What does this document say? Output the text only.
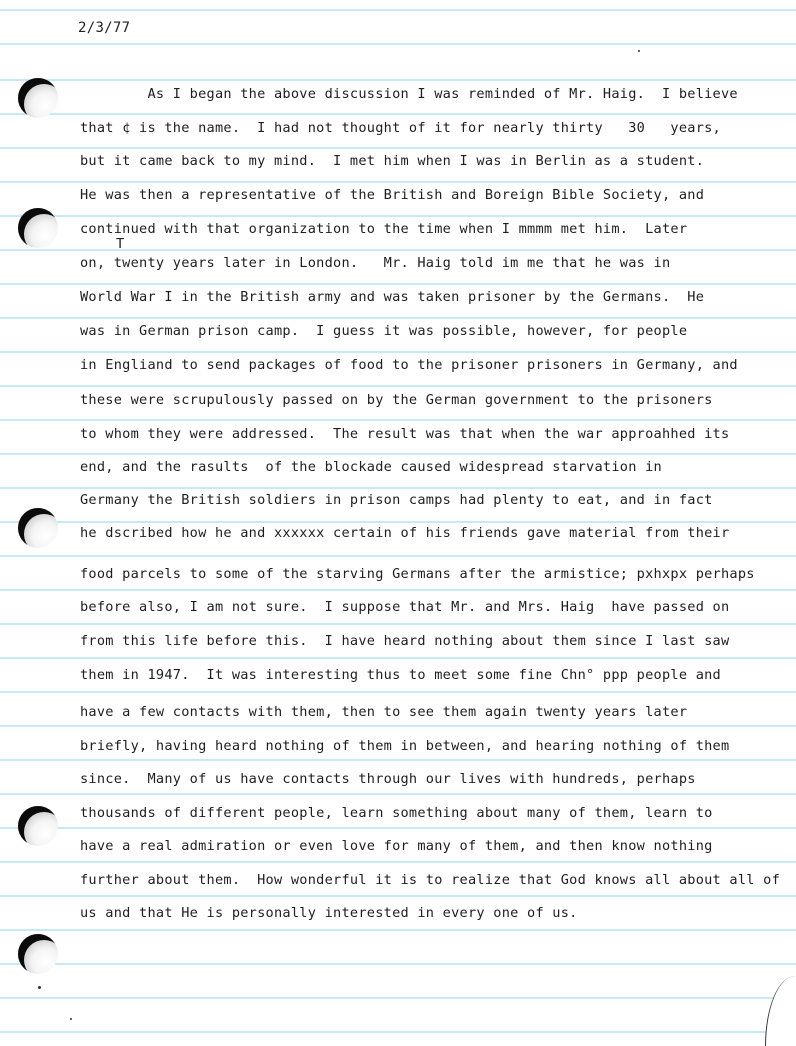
2/3/77
T
As I began the above discussion I was reminded of Mr. Haig.  I believe
that ¢ is the name.  I had not thought of it for nearly thirty   30   years,
but it came back to my mind.  I met him when I was in Berlin as a student.
He was then a representative of the British and Boreign Bible Society, and
continued with that organization to the time when I mmmm met him.  Later
on, twenty years later in London.   Mr. Haig told im me that he was in
World War I in the British army and was taken prisoner by the Germans.  He
was in German prison camp.  I guess it was possible, however, for people
in Engliand to send packages of food to the prisoner prisoners in Germany, and
these were scrupulously passed on by the German government to the prisoners
to whom they were addressed.  The result was that when the war approahhed its
end, and the rasults  of the blockade caused widespread starvation in
Germany the British soldiers in prison camps had plenty to eat, and in fact
he dscribed how he and xxxxxx certain of his friends gave material from their
food parcels to some of the starving Germans after the armistice; pxhxpx perhaps
before also, I am not sure.  I suppose that Mr. and Mrs. Haig  have passed on
from this life before this.  I have heard nothing about them since I last saw
them in 1947.  It was interesting thus to meet some fine Chn° ppp people and
have a few contacts with them, then to see them again twenty years later
briefly, having heard nothing of them in between, and hearing nothing of them
since.  Many of us have contacts through our lives with hundreds, perhaps
thousands of different people, learn something about many of them, learn to
have a real admiration or even love for many of them, and then know nothing
further about them.  How wonderful it is to realize that God knows all about all of
us and that He is personally interested in every one of us.
